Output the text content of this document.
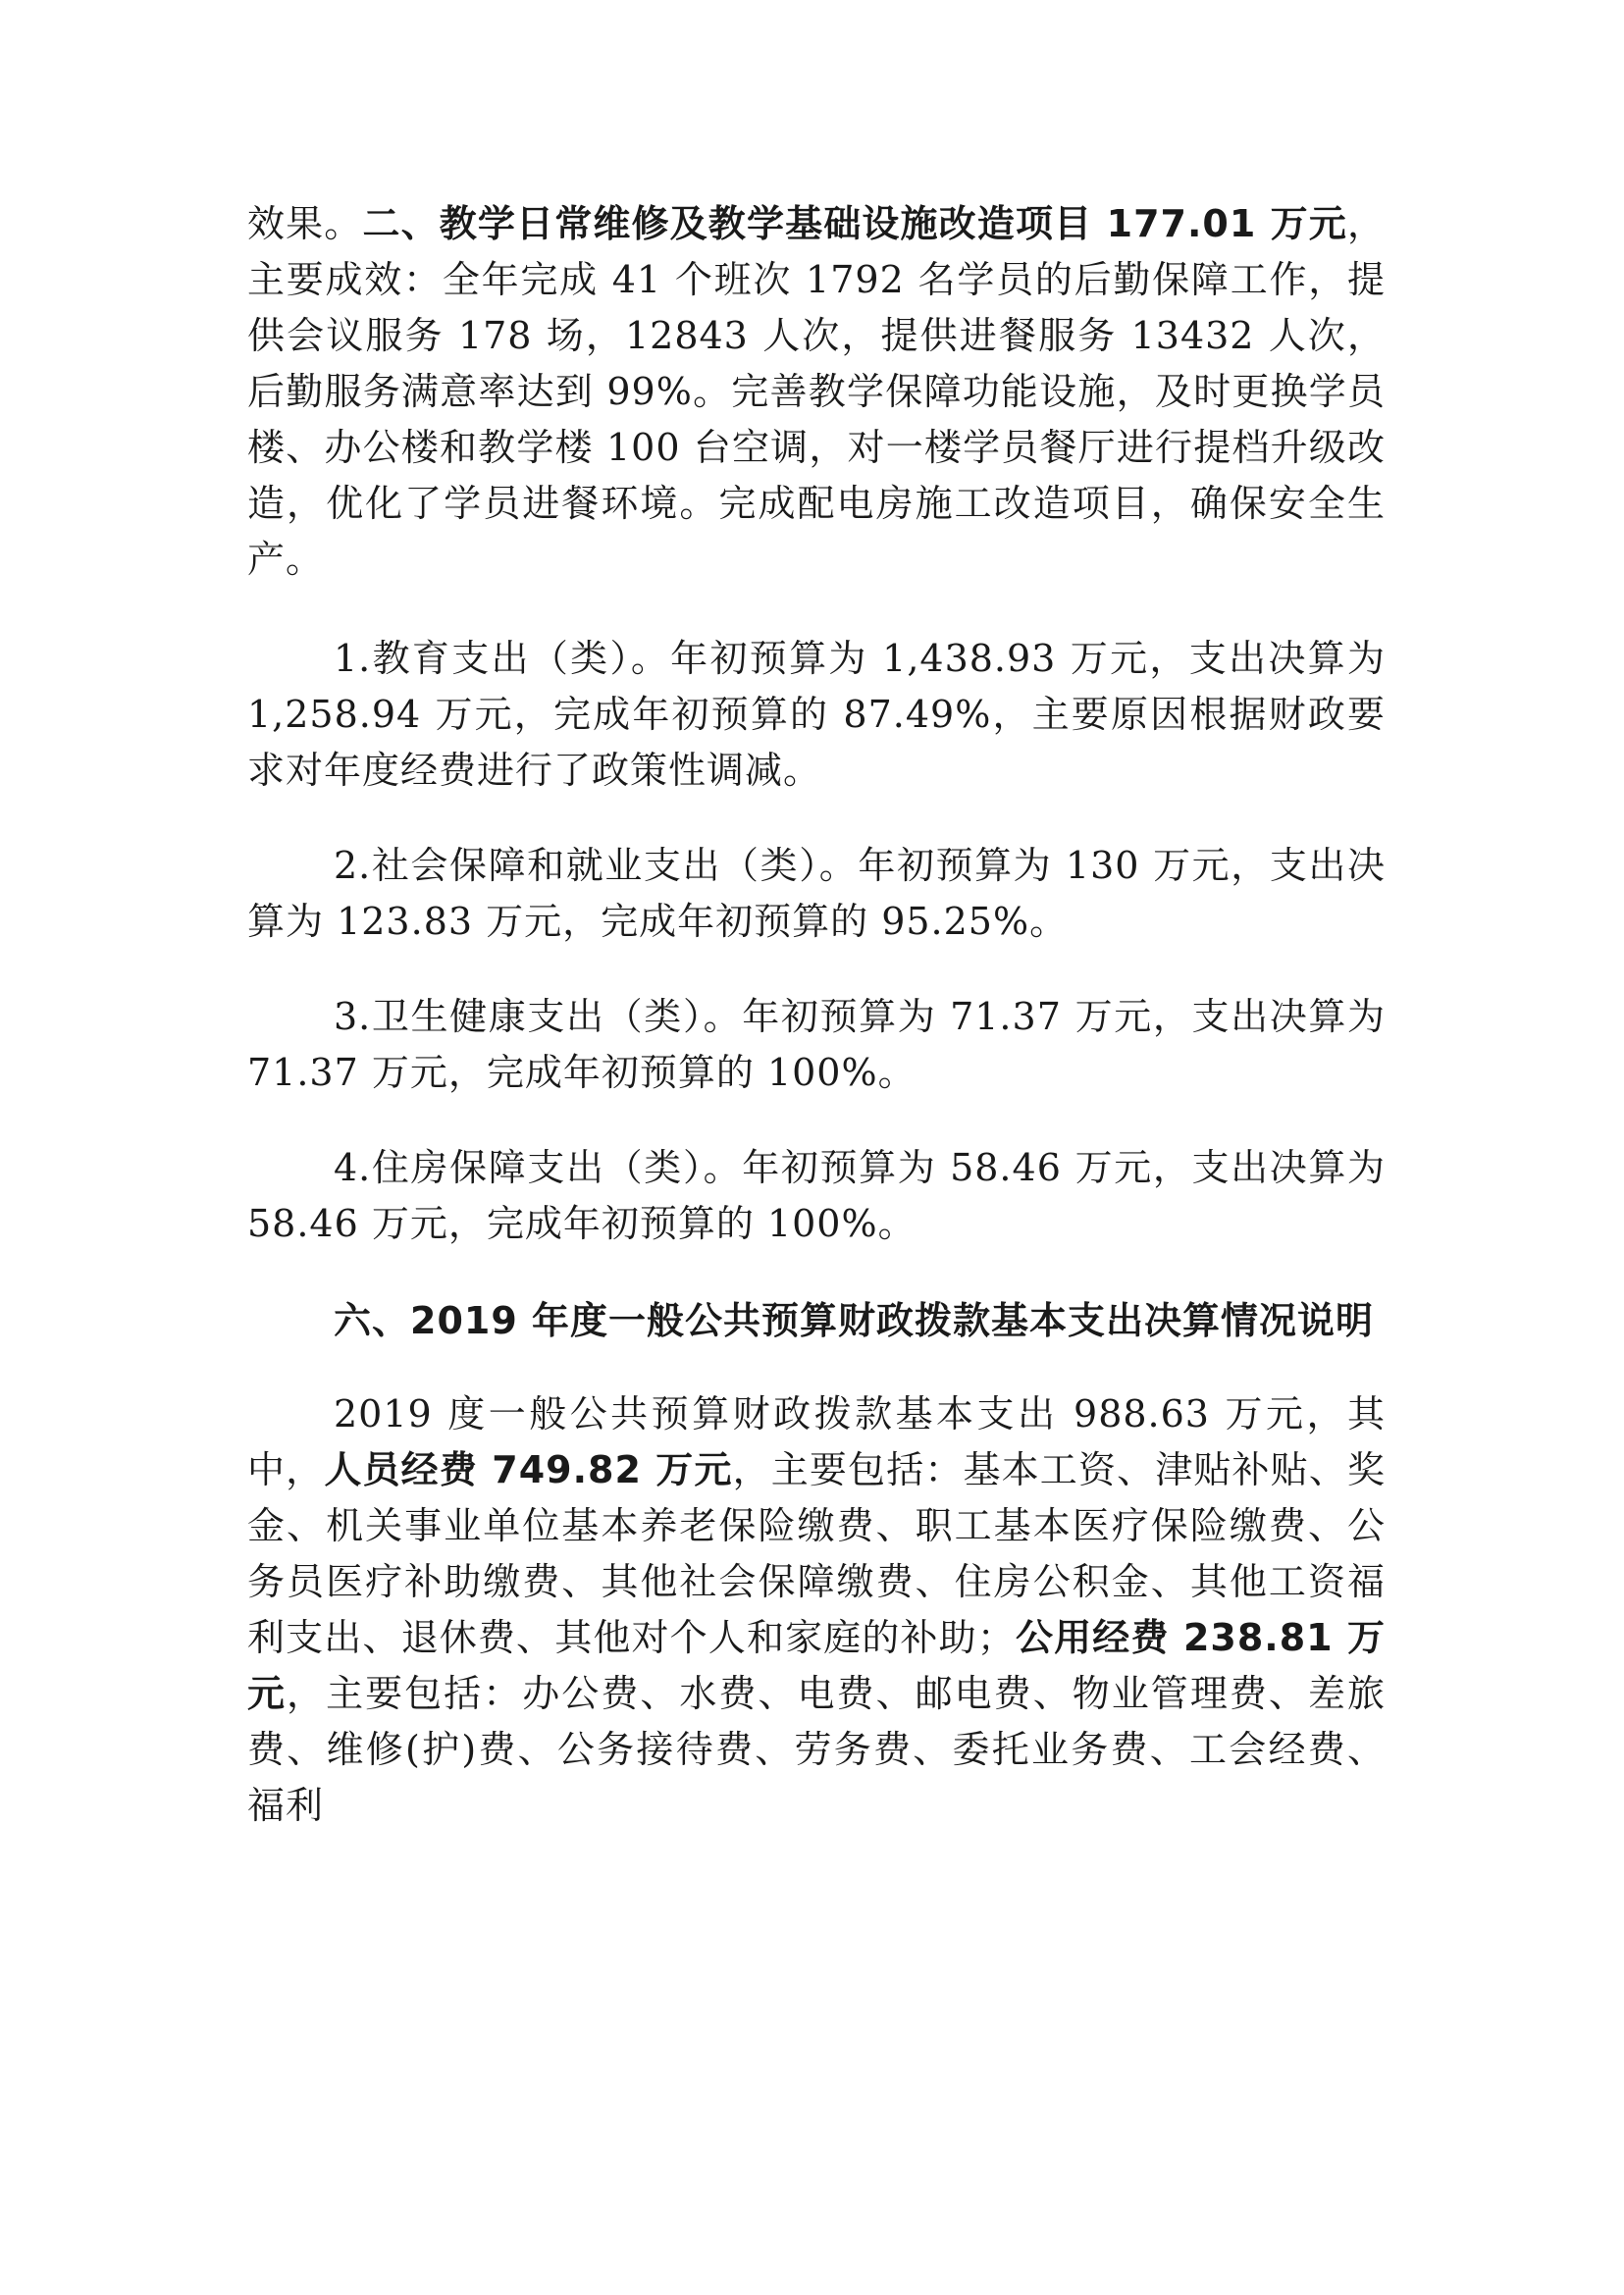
效果。二、教学日常维修及教学基础设施改造项目 177.01 万元，主要成效：全年完成 41 个班次 1792 名学员的后勤保障工作，提供会议服务 178 场，12843 人次，提供进餐服务 13432 人次，后勤服务满意率达到 99%。完善教学保障功能设施，及时更换学员楼、办公楼和教学楼 100 台空调，对一楼学员餐厅进行提档升级改造，优化了学员进餐环境。完成配电房施工改造项目，确保安全生产。

1.教育支出（类）。年初预算为 1,438.93 万元，支出决算为 1,258.94 万元，完成年初预算的 87.49%，主要原因根据财政要求对年度经费进行了政策性调减。

2.社会保障和就业支出（类）。年初预算为 130 万元，支出决算为 123.83 万元，完成年初预算的 95.25%。

3.卫生健康支出（类）。年初预算为 71.37 万元，支出决算为 71.37 万元，完成年初预算的 100%。

4.住房保障支出（类）。年初预算为 58.46 万元，支出决算为 58.46 万元，完成年初预算的 100%。

六、2019 年度一般公共预算财政拨款基本支出决算情况说明

2019 度一般公共预算财政拨款基本支出 988.63 万元，其中，人员经费 749.82 万元，主要包括：基本工资、津贴补贴、奖金、机关事业单位基本养老保险缴费、职工基本医疗保险缴费、公务员医疗补助缴费、其他社会保障缴费、住房公积金、其他工资福利支出、退休费、其他对个人和家庭的补助；公用经费 238.81 万元，主要包括：办公费、水费、电费、邮电费、物业管理费、差旅费、维修(护)费、公务接待费、劳务费、委托业务费、工会经费、福利
